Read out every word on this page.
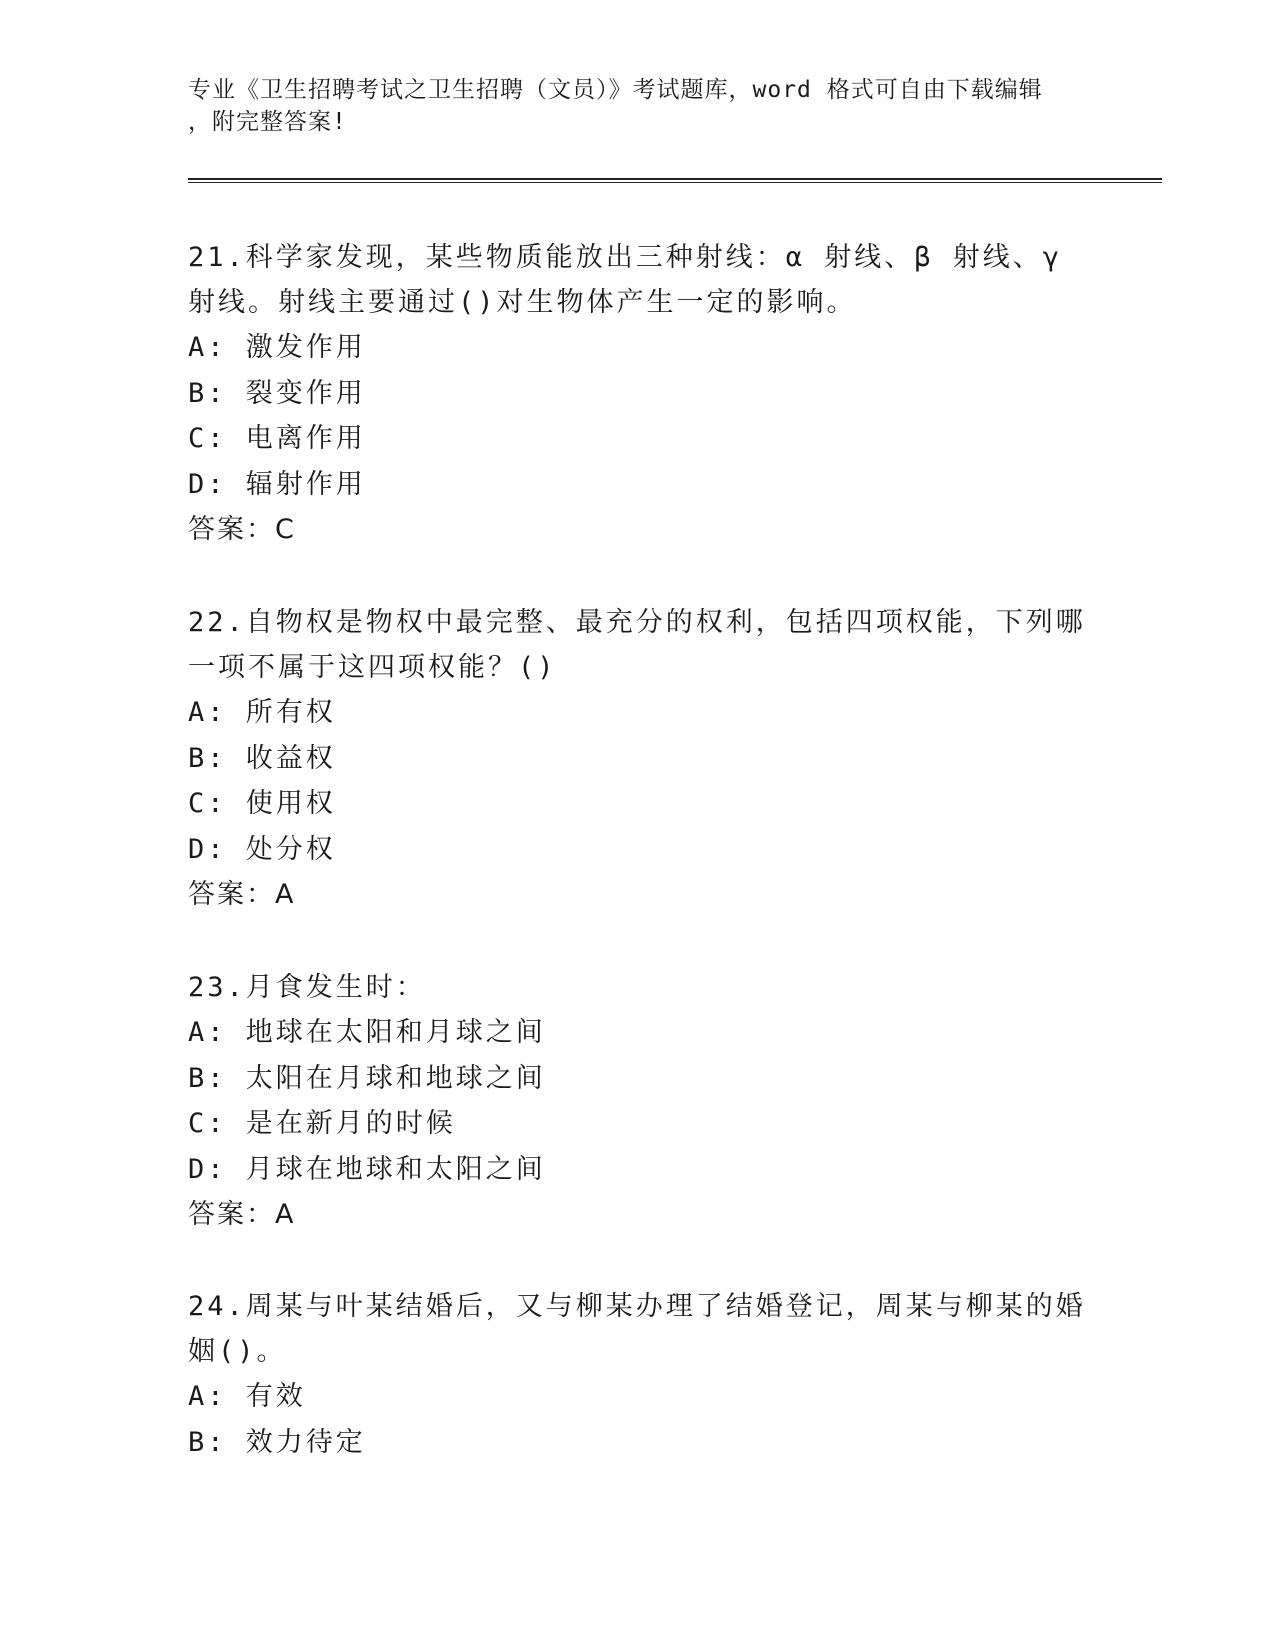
专业《卫生招聘考试之卫生招聘（文员）》考试题库，word 格式可自由下载编辑
，附完整答案!

21.科学家发现，某些物质能放出三种射线：α 射线、β 射线、γ 射线。射线主要通过()对生物体产生一定的影响。

A: 激发作用

B: 裂变作用

C: 电离作用

D: 辐射作用

答案：C

22.自物权是物权中最完整、最充分的权利，包括四项权能，下列哪一项不属于这四项权能？()

A: 所有权

B: 收益权

C: 使用权

D: 处分权

答案：A

23.月食发生时：

A: 地球在太阳和月球之间

B: 太阳在月球和地球之间

C: 是在新月的时候

D: 月球在地球和太阳之间

答案：A

24.周某与叶某结婚后，又与柳某办理了结婚登记，周某与柳某的婚姻()。

A: 有效

B: 效力待定
